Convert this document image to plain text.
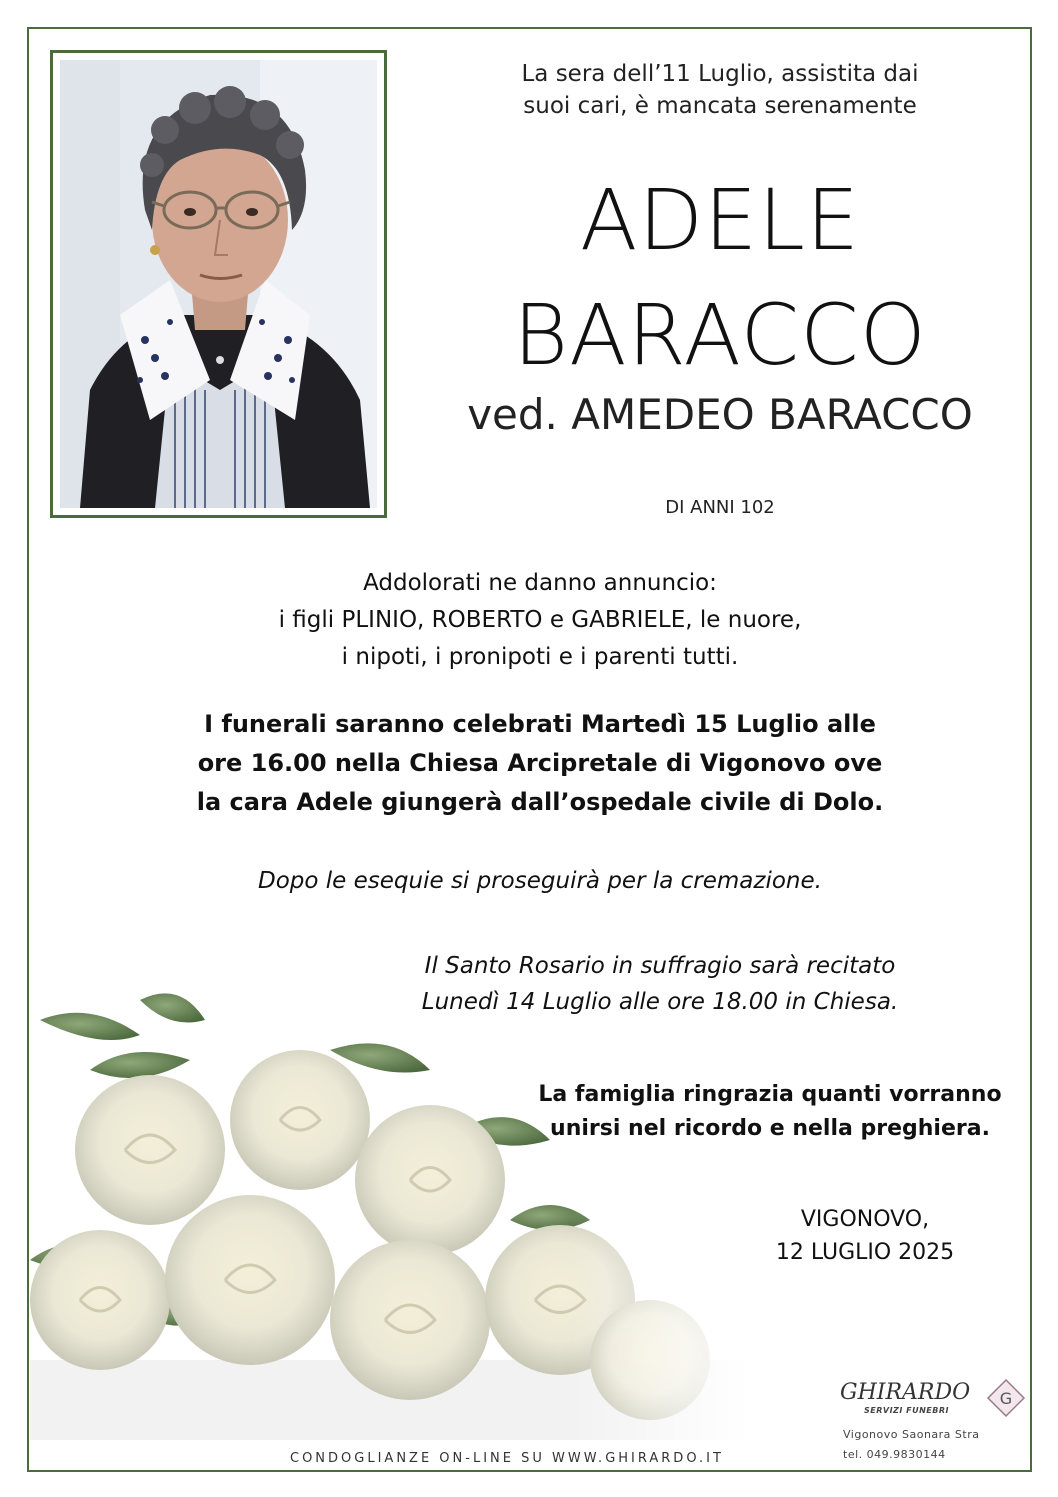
La sera dell’11 Luglio, assistita dai
suoi cari, è mancata serenamente
ADELE
BARACCO
ved. AMEDEO BARACCO
DI ANNI 102
Addolorati ne danno annuncio:
i figli PLINIO, ROBERTO e GABRIELE, le nuore,
i nipoti, i pronipoti e i parenti tutti.
I funerali saranno celebrati Martedì 15 Luglio alle
ore 16.00 nella Chiesa Arcipretale di Vigonovo ove
la cara Adele giungerà dall’ospedale civile di Dolo.
Dopo le esequie si proseguirà per la cremazione.
Il Santo Rosario in suffragio sarà recitato
Lunedì 14 Luglio alle ore 18.00 in Chiesa.
La famiglia ringrazia quanti vorranno
unirsi nel ricordo e nella preghiera.
VIGONOVO,
12 LUGLIO 2025
GHIRARDO
SERVIZI FUNEBRI
G
Vigonovo Saonara Stra
tel. 049.9830144
CONDOGLIANZE ON-LINE SU WWW.GHIRARDO.IT
